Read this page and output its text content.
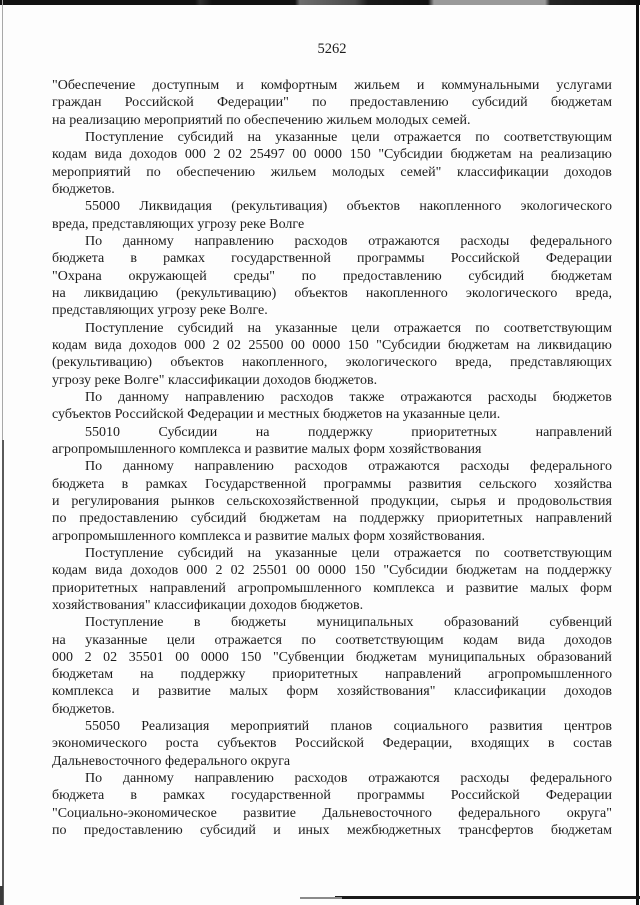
5262
"Обеспечение доступным и комфортным жильем и коммунальными услугами
граждан Российской Федерации" по предоставлению субсидий бюджетам
на реализацию мероприятий по обеспечению жильем молодых семей.
Поступление субсидий на указанные цели отражается по соответствующим
кодам вида доходов 000 2 02 25497 00 0000 150 "Субсидии бюджетам на реализацию
мероприятий по обеспечению жильем молодых семей" классификации доходов
бюджетов.
55000 Ликвидация (рекультивация) объектов накопленного экологического
вреда, представляющих угрозу реке Волге
По данному направлению расходов отражаются расходы федерального
бюджета в рамках государственной программы Российской Федерации
"Охрана окружающей среды" по предоставлению субсидий бюджетам
на ликвидацию (рекультивацию) объектов накопленного экологического вреда,
представляющих угрозу реке Волге.
Поступление субсидий на указанные цели отражается по соответствующим
кодам вида доходов 000 2 02 25500 00 0000 150 "Субсидии бюджетам на ликвидацию
(рекультивацию) объектов накопленного, экологического вреда, представляющих
угрозу реке Волге" классификации доходов бюджетов.
По данному направлению расходов также отражаются расходы бюджетов
субъектов Российской Федерации и местных бюджетов на указанные цели.
55010	Субсидии	на	поддержку	приоритетных	направлений
агропромышленного комплекса и развитие малых форм хозяйствования
По данному направлению расходов отражаются расходы федерального
бюджета в рамках Государственной программы развития сельского хозяйства
и регулирования рынков сельскохозяйственной продукции, сырья и продовольствия
по предоставлению субсидий бюджетам на поддержку приоритетных направлений
агропромышленного комплекса и развитие малых форм хозяйствования.
Поступление субсидий на указанные цели отражается по соответствующим
кодам вида доходов 000 2 02 25501 00 0000 150 "Субсидии бюджетам на поддержку
приоритетных направлений агропромышленного комплекса и развитие малых форм
хозяйствования" классификации доходов бюджетов.
Поступление в бюджеты муниципальных образований субвенций
на указанные цели отражается по соответствующим кодам вида доходов
000 2 02 35501 00 0000 150 "Субвенции бюджетам муниципальных образований
бюджетам на поддержку приоритетных направлений агропромышленного
комплекса и развитие малых форм хозяйствования" классификации доходов
бюджетов.
55050 Реализация мероприятий планов социального развития центров
экономического роста субъектов Российской Федерации, входящих в состав
Дальневосточного федерального округа
По данному направлению расходов отражаются расходы федерального
бюджета в рамках государственной программы Российской Федерации
"Социально-экономическое развитие Дальневосточного федерального округа"
по предоставлению субсидий и иных межбюджетных трансфертов бюджетам
